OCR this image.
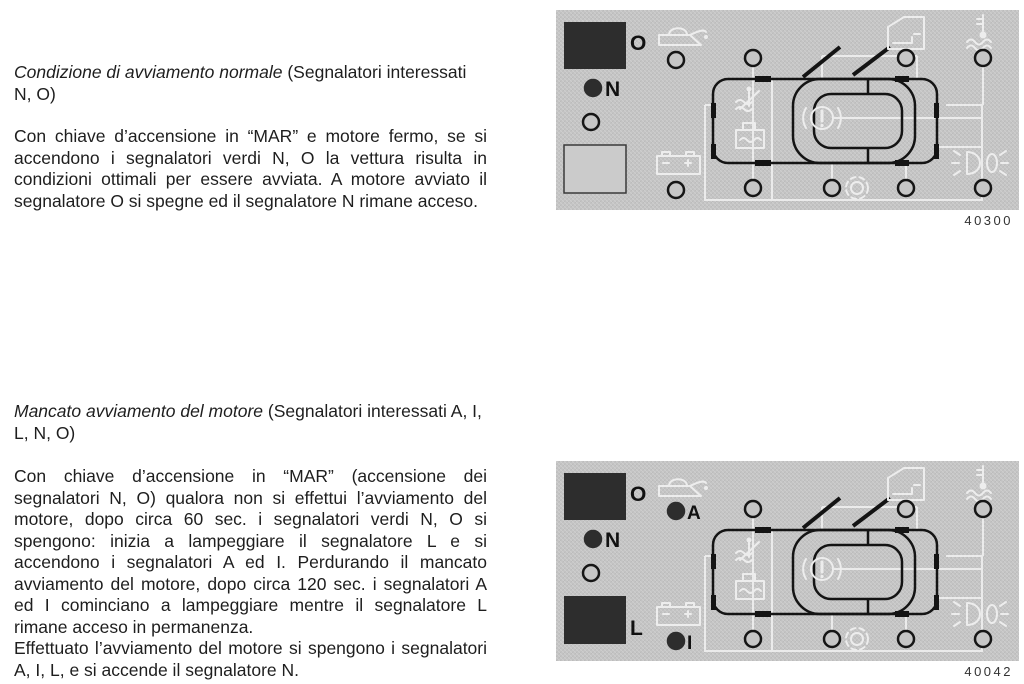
Condizione di avviamento normale (Segnalatori interessati N, O)

Con chiave d’accensione in “MAR” e motore fermo, se si accendono i segnalatori verdi N, O la vettura risulta in condizioni ottimali per essere avviata. A motore avviato il segnalatore O si spegne ed il segnalatore N rimane acceso.

Mancato avviamento del motore (Segnalatori interessati A, I, L, N, O)

Con chiave d’accensione in “MAR” (accensione dei segnalatori N, O) qualora non si effettui l’avviamento del motore, dopo circa 60 sec. i segnalatori verdi N, O si spengono: inizia a lampeggiare il segnalatore L e si accendono i segnalatori A ed I. Perdurando il mancato avviamento del motore, dopo circa 120 sec. i segnalatori A ed I cominciano a lampeggiare mentre il segnalatore L rimane acceso in permanenza.

Effettuato l’avviamento del motore si spengono i segnalatori A, I, L, e si accende il segnalatore N.

O
N
40300
A
I
O
N
L
40042
